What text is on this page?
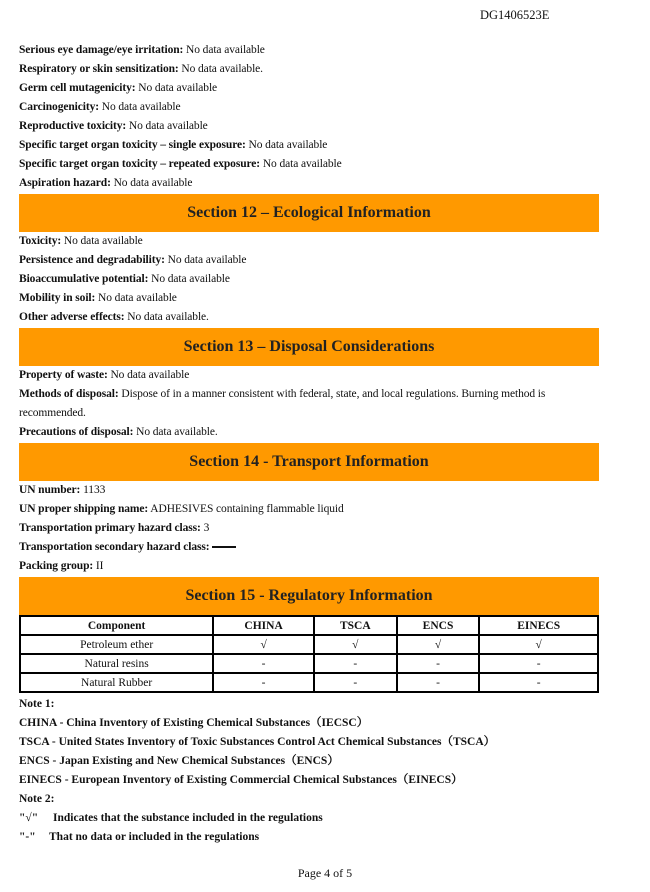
DG1406523E
Serious eye damage/eye irritation: No data available
Respiratory or skin sensitization: No data available.
Germ cell mutagenicity: No data available
Carcinogenicity: No data available
Reproductive toxicity: No data available
Specific target organ toxicity – single exposure: No data available
Specific target organ toxicity – repeated exposure: No data available
Aspiration hazard: No data available
Section 12 – Ecological Information
Toxicity: No data available
Persistence and degradability: No data available
Bioaccumulative potential: No data available
Mobility in soil: No data available
Other adverse effects: No data available.
Section 13 – Disposal Considerations
Property of waste: No data available
Methods of disposal: Dispose of in a manner consistent with federal, state, and local regulations. Burning method is recommended.
Precautions of disposal: No data available.
Section 14 - Transport Information
UN number: 1133
UN proper shipping name: ADHESIVES containing flammable liquid
Transportation primary hazard class: 3
Transportation secondary hazard class:
Packing group: II
Section 15 - Regulatory Information
Component	CHINA	TSCA	ENCS	EINECS
Petroleum ether	√	√	√	√
Natural resins	-	-	-	-
Natural Rubber	-	-	-	-
Note 1:
CHINA - China Inventory of Existing Chemical Substances（IECSC）
TSCA - United States Inventory of Toxic Substances Control Act Chemical Substances（TSCA）
ENCS - Japan Existing and New Chemical Substances（ENCS）
EINECS - European Inventory of Existing Commercial Chemical Substances（EINECS）
Note 2:
"√" Indicates that the substance included in the regulations
"-" That no data or included in the regulations
Page 4 of 5
